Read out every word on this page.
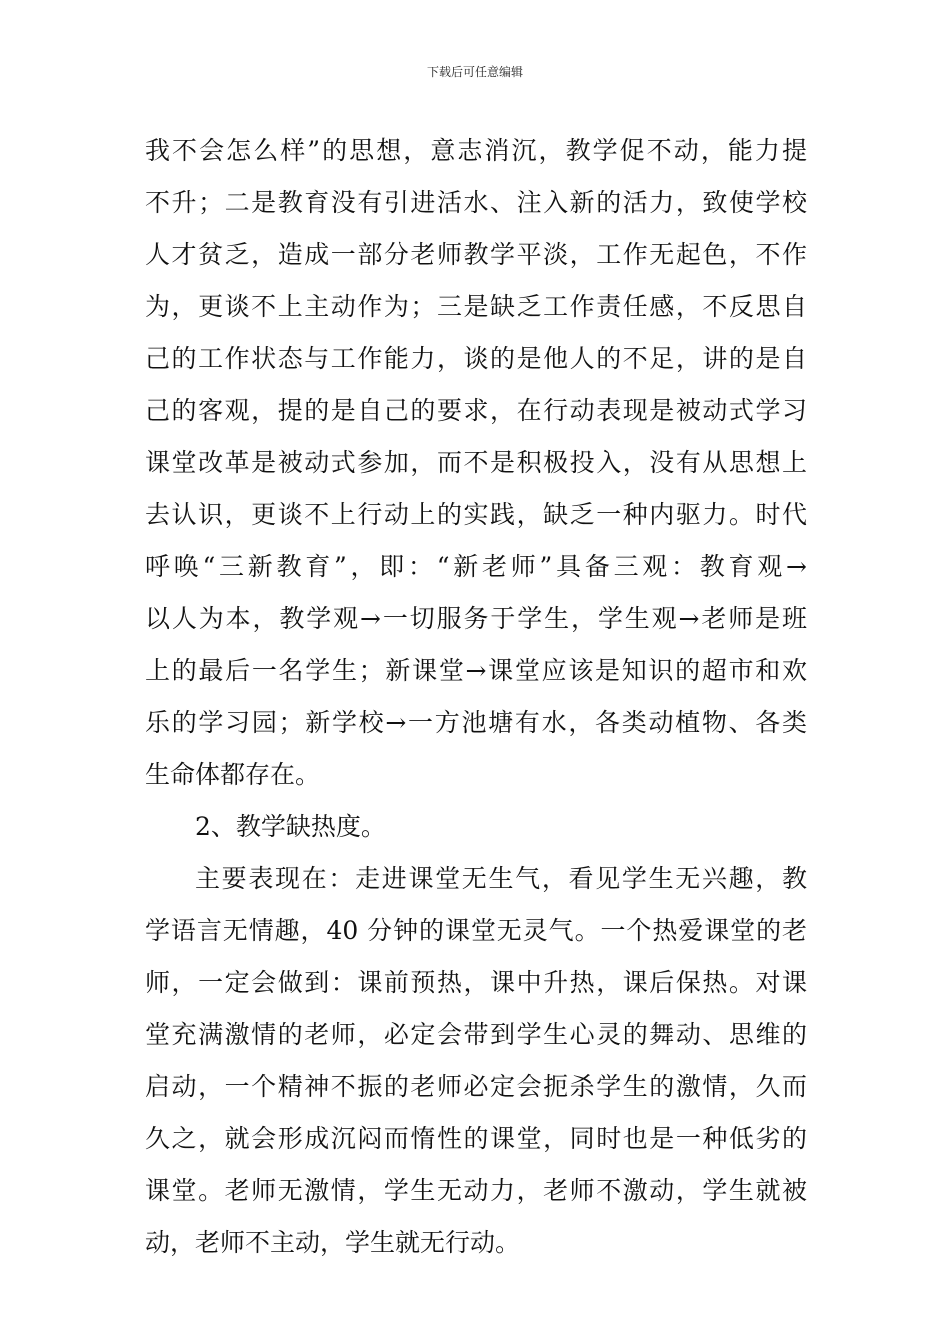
下载后可任意编辑
我不会怎么样”的思想，意志消沉，教学促不动，能力提
不升；二是教育没有引进活水、注入新的活力，致使学校
人才贫乏，造成一部分老师教学平淡，工作无起色，不作
为，更谈不上主动作为；三是缺乏工作责任感，不反思自
己的工作状态与工作能力，谈的是他人的不足，讲的是自
己的客观，提的是自己的要求，在行动表现是被动式学习
课堂改革是被动式参加，而不是积极投入，没有从思想上
去认识，更谈不上行动上的实践，缺乏一种内驱力。时代
呼唤“三新教育”，即：“新老师”具备三观：教育观→
以人为本，教学观→一切服务于学生，学生观→老师是班
上的最后一名学生；新课堂→课堂应该是知识的超市和欢
乐的学习园；新学校→一方池塘有水，各类动植物、各类
生命体都存在。
2、教学缺热度。
主要表现在：走进课堂无生气，看见学生无兴趣，教
学语言无情趣，40 分钟的课堂无灵气。一个热爱课堂的老
师，一定会做到：课前预热，课中升热，课后保热。对课
堂充满激情的老师，必定会带到学生心灵的舞动、思维的
启动，一个精神不振的老师必定会扼杀学生的激情，久而
久之，就会形成沉闷而惰性的课堂，同时也是一种低劣的
课堂。老师无激情，学生无动力，老师不激动，学生就被
动，老师不主动，学生就无行动。
